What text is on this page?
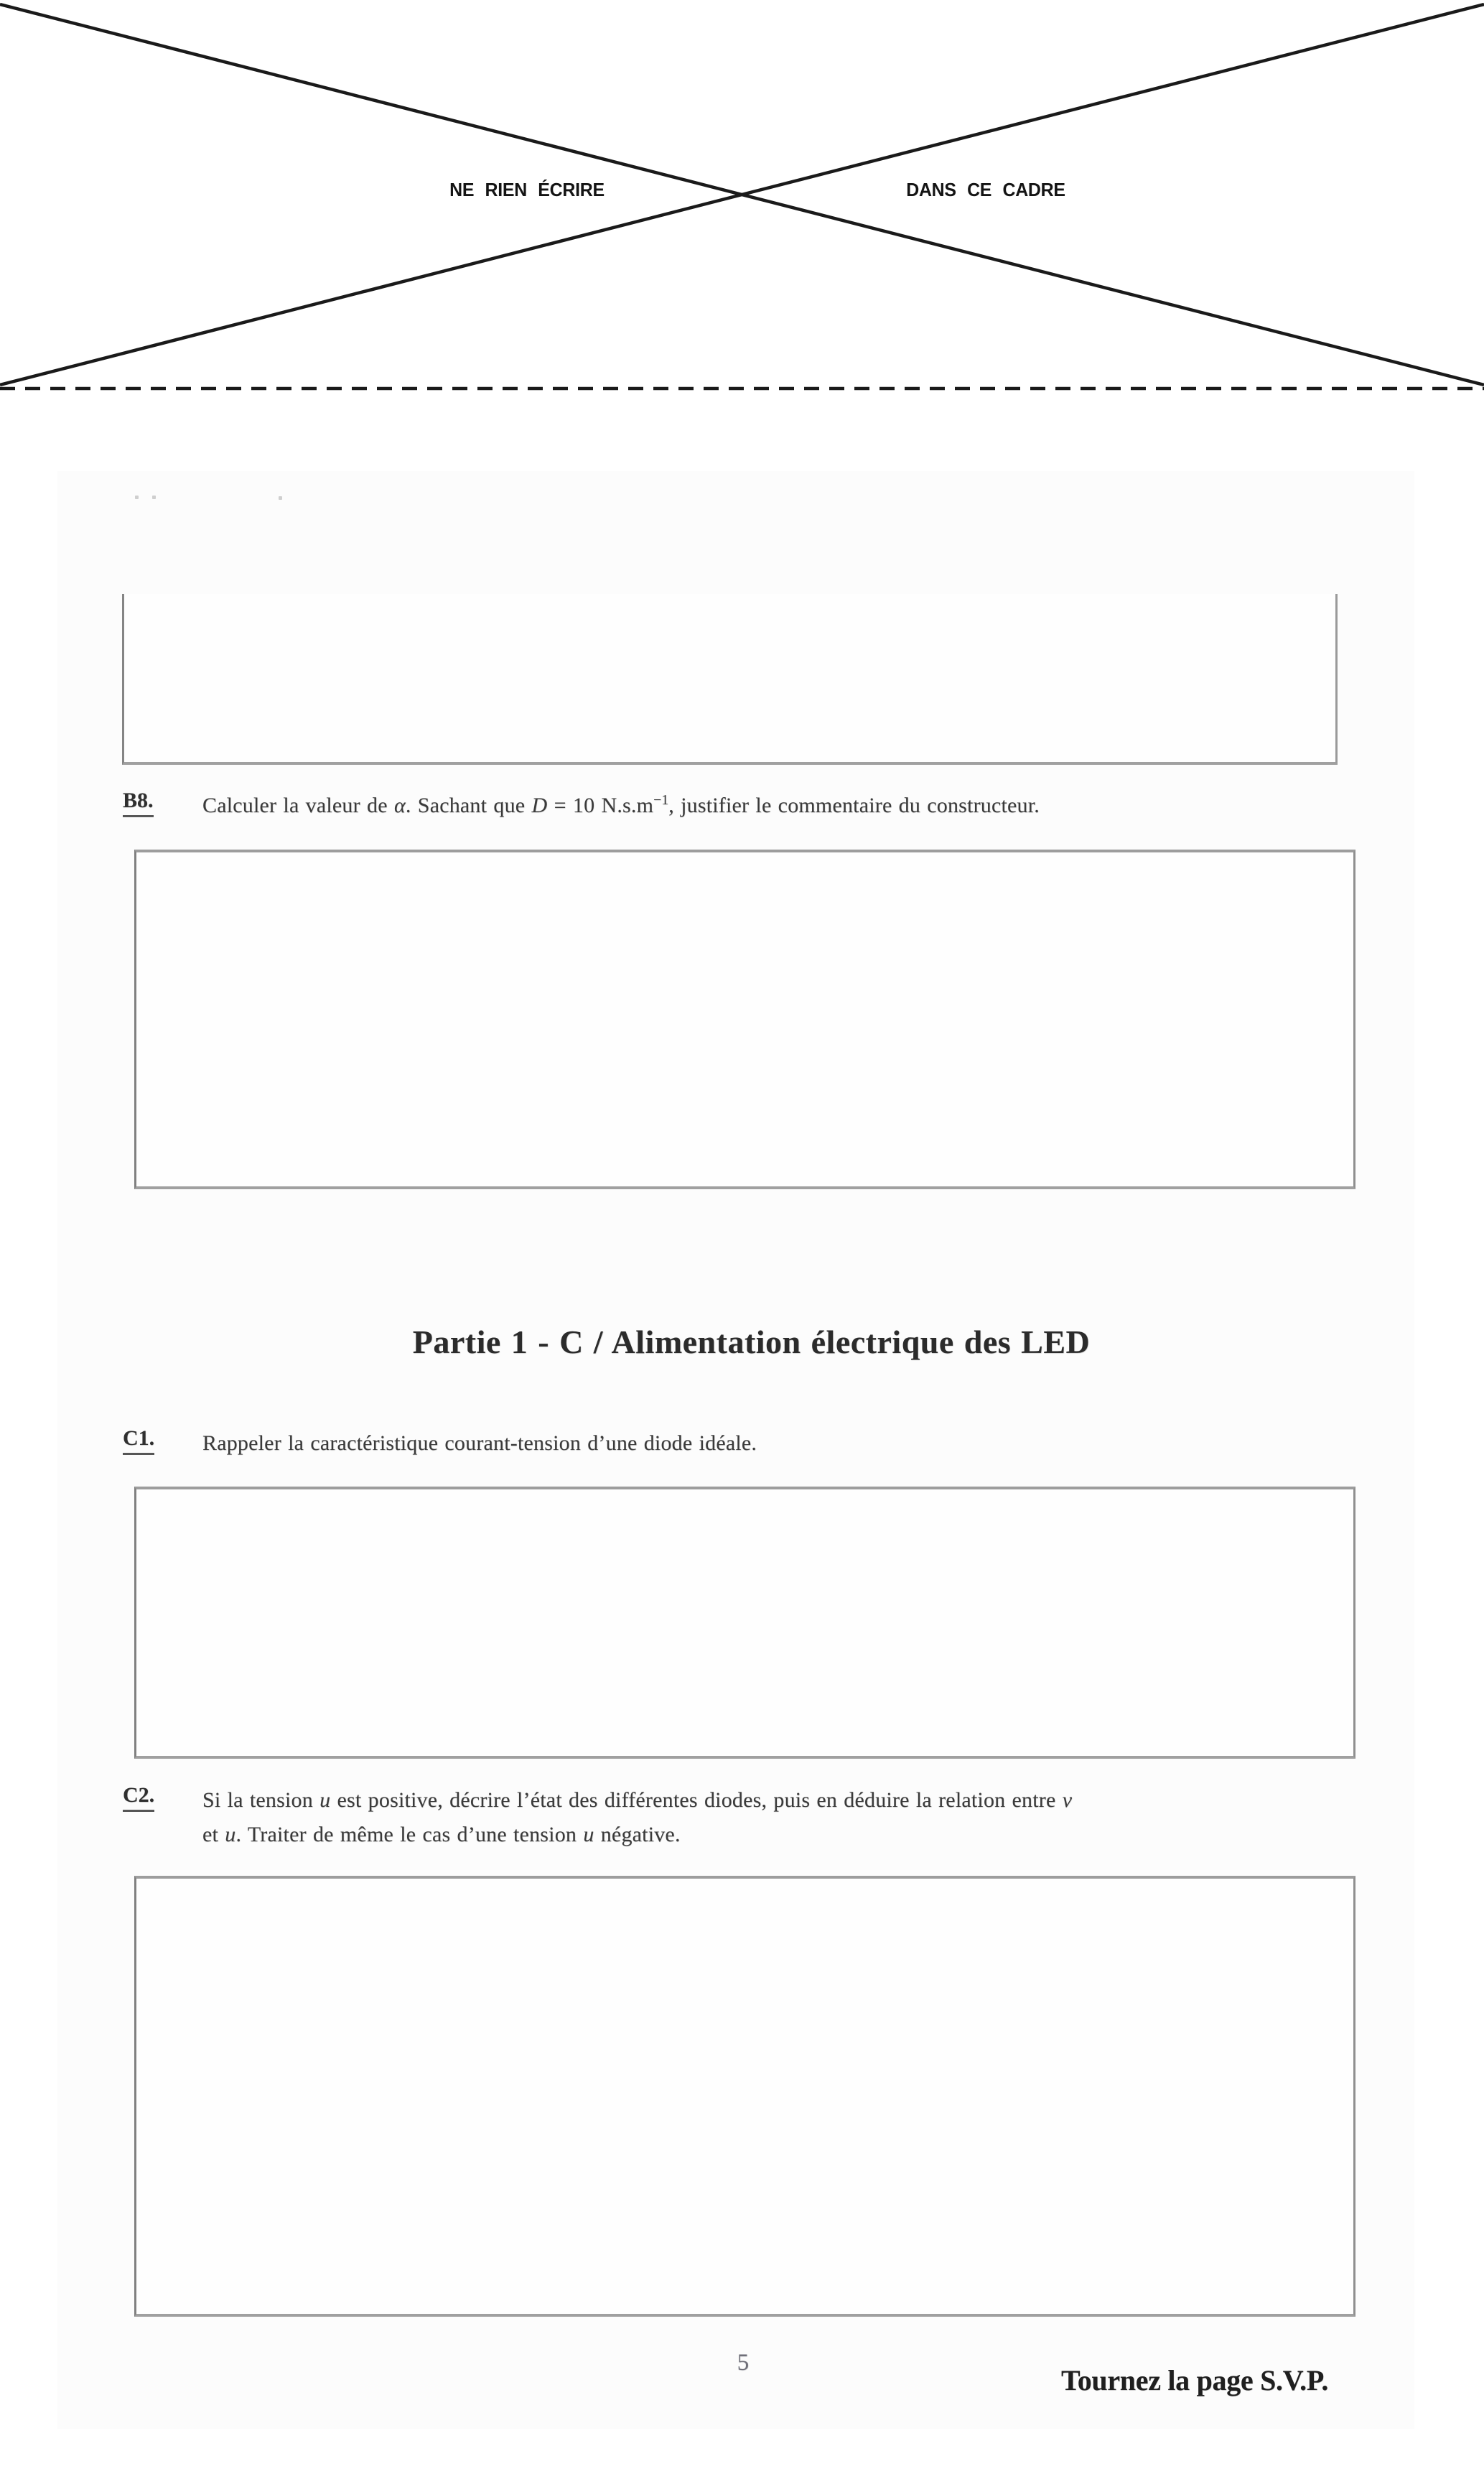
NE RIEN ÉCRIRE	DANS CE CADRE
B8. Calculer la valeur de α. Sachant que D = 10 $N.s.m^{-1}$, justifier le commentaire du constructeur.
Partie 1 - C / Alimentation électrique des LED
C1. Rappeler la caractéristique courant-tension d’une diode idéale.
C2. Si la tension u est positive, décrire l’état des différentes diodes, puis en déduire la relation entre v
et u. Traiter de même le cas d’une tension u négative.
5
Tournez la page S.V.P.
